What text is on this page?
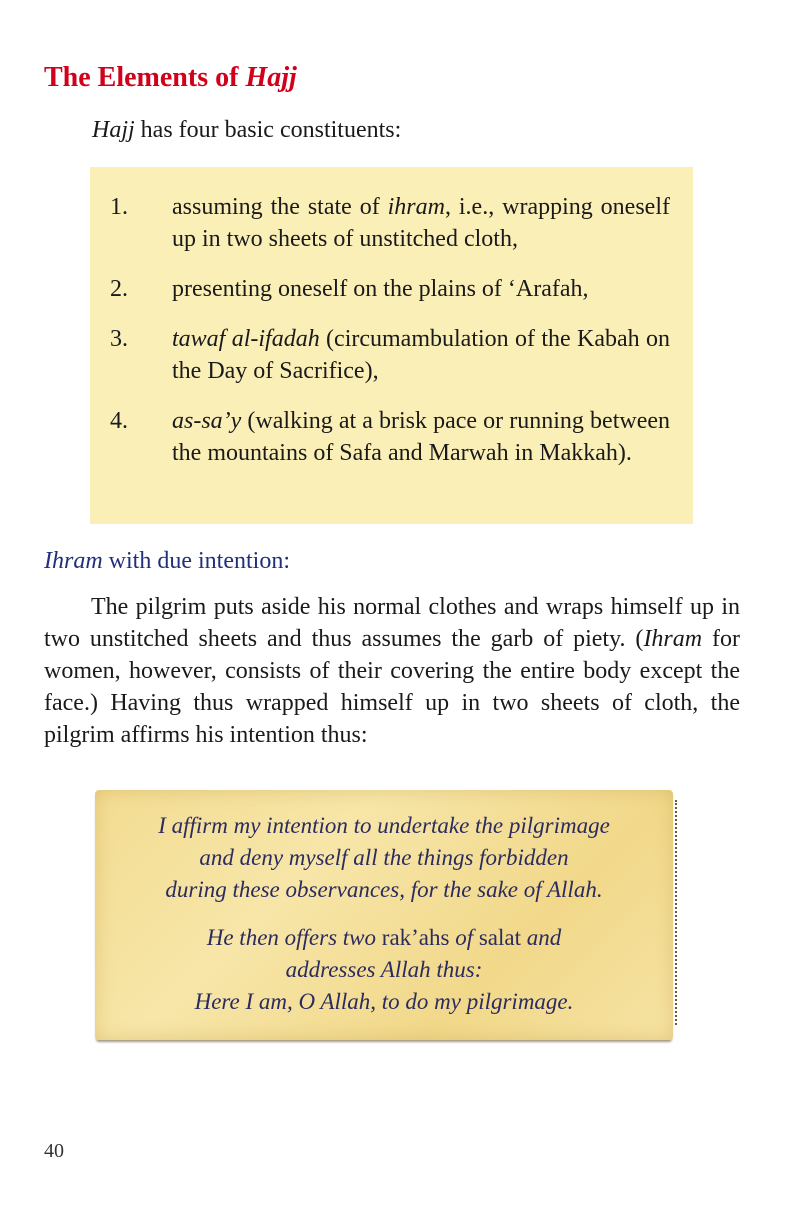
The Elements of Hajj

Hajj has four basic constituents:

1. assuming the state of ihram, i.e., wrapping oneself up in two sheets of unstitched cloth,
2. presenting oneself on the plains of ‘Arafah,
3. tawaf al-ifadah (circumambulation of the Kabah on the Day of Sacrifice),
4. as-sa’y (walking at a brisk pace or running between the mountains of Safa and Marwah in Makkah).

Ihram with due intention:

The pilgrim puts aside his normal clothes and wraps himself up in two unstitched sheets and thus assumes the garb of piety. (Ihram for women, however, consists of their covering the entire body except the face.) Having thus wrapped himself up in two sheets of cloth, the pilgrim affirms his intention thus:

I affirm my intention to undertake the pilgrimage
and deny myself all the things forbidden
during these observances, for the sake of Allah.
He then offers two rak’ahs of salat and
addresses Allah thus:
Here I am, O Allah, to do my pilgrimage.
40
